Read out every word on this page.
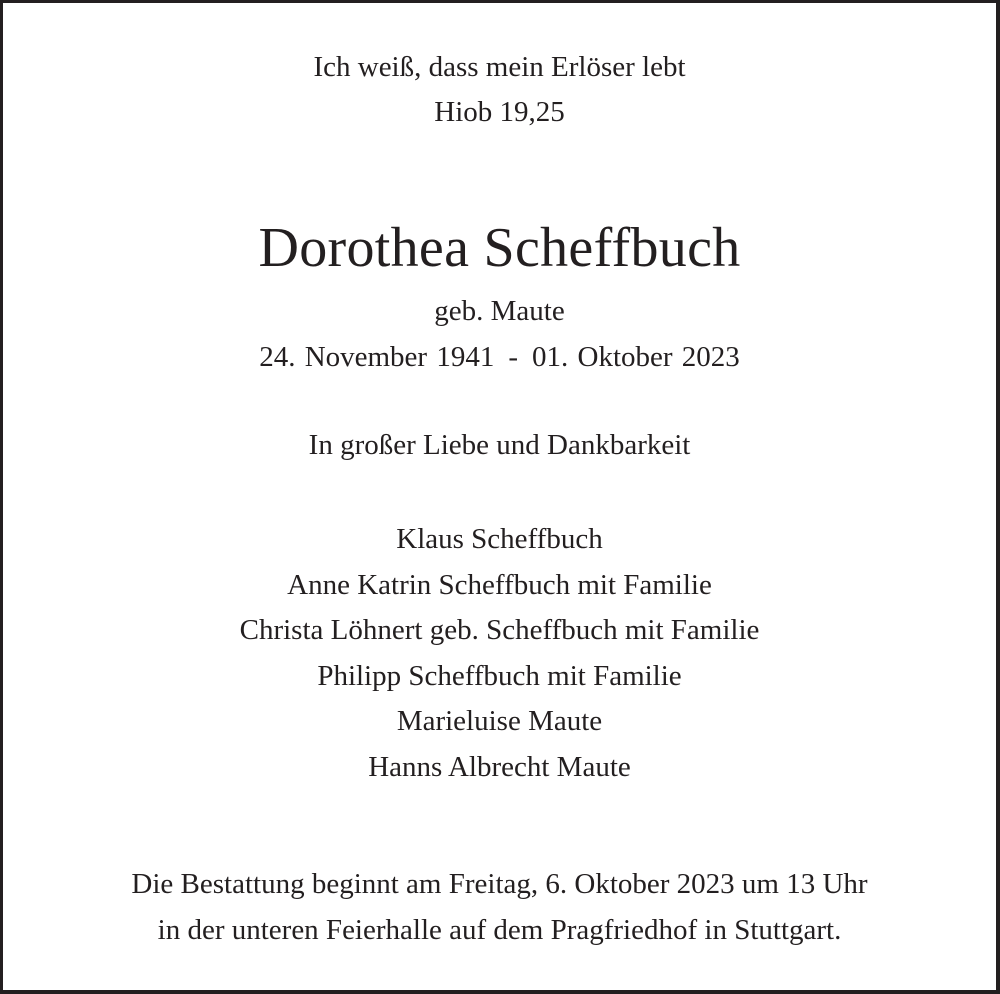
Ich weiß, dass mein Erlöser lebt
Hiob 19,25
Dorothea Scheffbuch
geb. Maute
24. November 1941 - 01. Oktober 2023
In großer Liebe und Dankbarkeit
Klaus Scheffbuch
Anne Katrin Scheffbuch mit Familie
Christa Löhnert geb. Scheffbuch mit Familie
Philipp Scheffbuch mit Familie
Marieluise Maute
Hanns Albrecht Maute
Die Bestattung beginnt am Freitag, 6. Oktober 2023 um 13 Uhr
in der unteren Feierhalle auf dem Pragfriedhof in Stuttgart.
